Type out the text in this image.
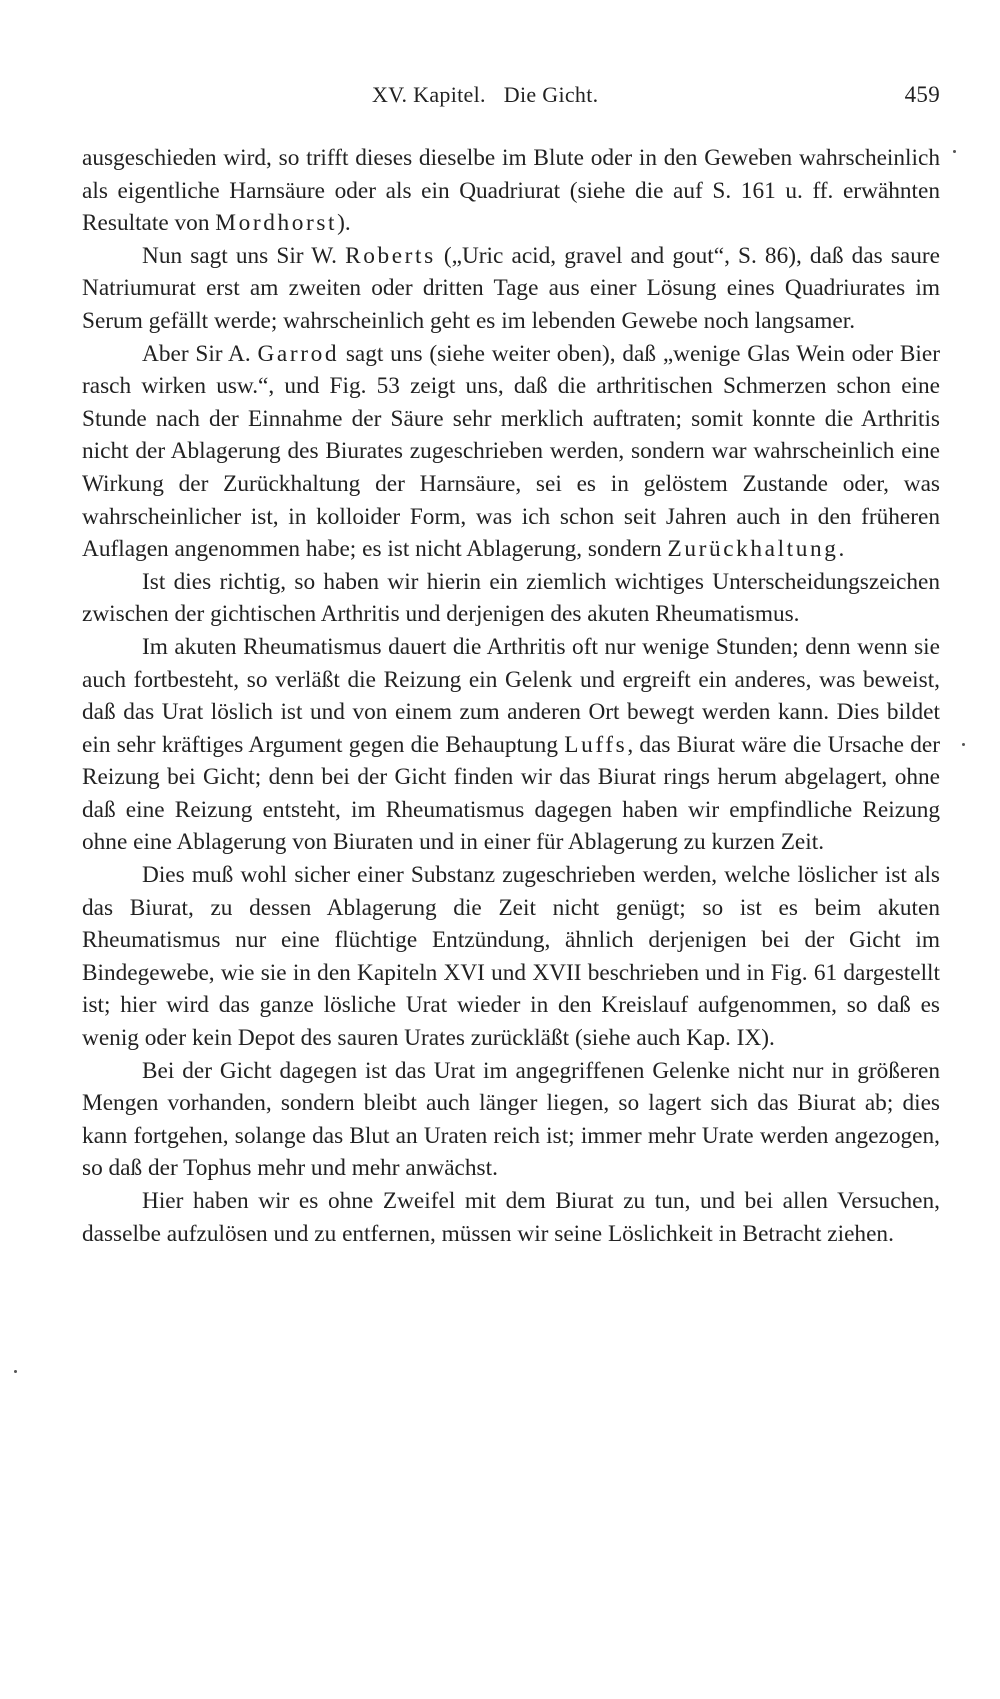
XV. Kapitel. Die Gicht.	459

ausgeschieden wird, so trifft dieses dieselbe im Blute oder in den Geweben wahrscheinlich als eigentliche Harnsäure oder als ein Quadriurat (siehe die auf S. 161 u. ff. erwähnten Resultate von Mordhorst).

Nun sagt uns Sir W. Roberts („Uric acid, gravel and gout“, S. 86), daß das saure Natriumurat erst am zweiten oder dritten Tage aus einer Lösung eines Quadriurates im Serum gefällt werde; wahrscheinlich geht es im lebenden Gewebe noch langsamer.

Aber Sir A. Garrod sagt uns (siehe weiter oben), daß „wenige Glas Wein oder Bier rasch wirken usw.“, und Fig. 53 zeigt uns, daß die arthritischen Schmerzen schon eine Stunde nach der Einnahme der Säure sehr merklich auftraten; somit konnte die Arthritis nicht der Ablagerung des Biurates zugeschrieben werden, sondern war wahrscheinlich eine Wirkung der Zurückhaltung der Harnsäure, sei es in gelöstem Zustande oder, was wahrscheinlicher ist, in kolloider Form, was ich schon seit Jahren auch in den früheren Auflagen angenommen habe; es ist nicht Ablagerung, sondern Zurückhaltung.

Ist dies richtig, so haben wir hierin ein ziemlich wichtiges Unterscheidungszeichen zwischen der gichtischen Arthritis und derjenigen des akuten Rheumatismus.

Im akuten Rheumatismus dauert die Arthritis oft nur wenige Stunden; denn wenn sie auch fortbesteht, so verläßt die Reizung ein Gelenk und ergreift ein anderes, was beweist, daß das Urat löslich ist und von einem zum anderen Ort bewegt werden kann. Dies bildet ein sehr kräftiges Argument gegen die Behauptung Luffs, das Biurat wäre die Ursache der Reizung bei Gicht; denn bei der Gicht finden wir das Biurat rings herum abgelagert, ohne daß eine Reizung entsteht, im Rheumatismus dagegen haben wir empfindliche Reizung ohne eine Ablagerung von Biuraten und in einer für Ablagerung zu kurzen Zeit.

Dies muß wohl sicher einer Substanz zugeschrieben werden, welche löslicher ist als das Biurat, zu dessen Ablagerung die Zeit nicht genügt; so ist es beim akuten Rheumatismus nur eine flüchtige Entzündung, ähnlich derjenigen bei der Gicht im Bindegewebe, wie sie in den Kapiteln XVI und XVII beschrieben und in Fig. 61 dargestellt ist; hier wird das ganze lösliche Urat wieder in den Kreislauf aufgenommen, so daß es wenig oder kein Depot des sauren Urates zurückläßt (siehe auch Kap. IX).

Bei der Gicht dagegen ist das Urat im angegriffenen Gelenke nicht nur in größeren Mengen vorhanden, sondern bleibt auch länger liegen, so lagert sich das Biurat ab; dies kann fortgehen, solange das Blut an Uraten reich ist; immer mehr Urate werden angezogen, so daß der Tophus mehr und mehr anwächst.

Hier haben wir es ohne Zweifel mit dem Biurat zu tun, und bei allen Versuchen, dasselbe aufzulösen und zu entfernen, müssen wir seine Löslichkeit in Betracht ziehen.
